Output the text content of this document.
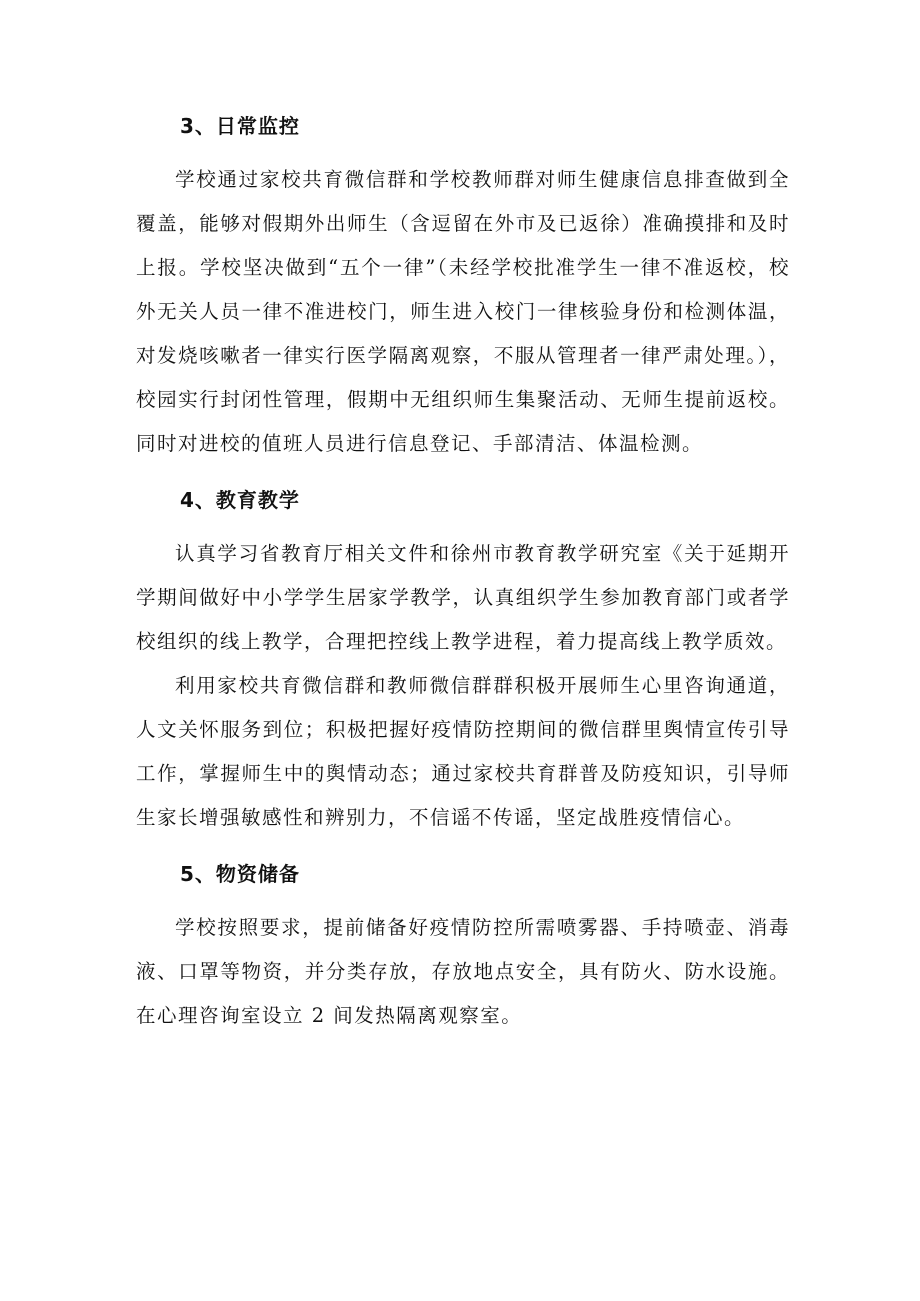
3、日常监控

学校通过家校共育微信群和学校教师群对师生健康信息排查做到全覆盖，能够对假期外出师生（含逗留在外市及已返徐）准确摸排和及时上报。学校坚决做到“五个一律”（未经学校批准学生一律不准返校，校外无关人员一律不准进校门，师生进入校门一律核验身份和检测体温，对发烧咳嗽者一律实行医学隔离观察，不服从管理者一律严肃处理。），校园实行封闭性管理，假期中无组织师生集聚活动、无师生提前返校。同时对进校的值班人员进行信息登记、手部清洁、体温检测。

4、教育教学

认真学习省教育厅相关文件和徐州市教育教学研究室《关于延期开学期间做好中小学学生居家学教学，认真组织学生参加教育部门或者学校组织的线上教学，合理把控线上教学进程，着力提高线上教学质效。

利用家校共育微信群和教师微信群群积极开展师生心里咨询通道，人文关怀服务到位；积极把握好疫情防控期间的微信群里舆情宣传引导工作，掌握师生中的舆情动态；通过家校共育群普及防疫知识，引导师生家长增强敏感性和辨别力，不信谣不传谣，坚定战胜疫情信心。

5、物资储备

学校按照要求，提前储备好疫情防控所需喷雾器、手持喷壶、消毒液、口罩等物资，并分类存放，存放地点安全，具有防火、防水设施。在心理咨询室设立 2 间发热隔离观察室。
